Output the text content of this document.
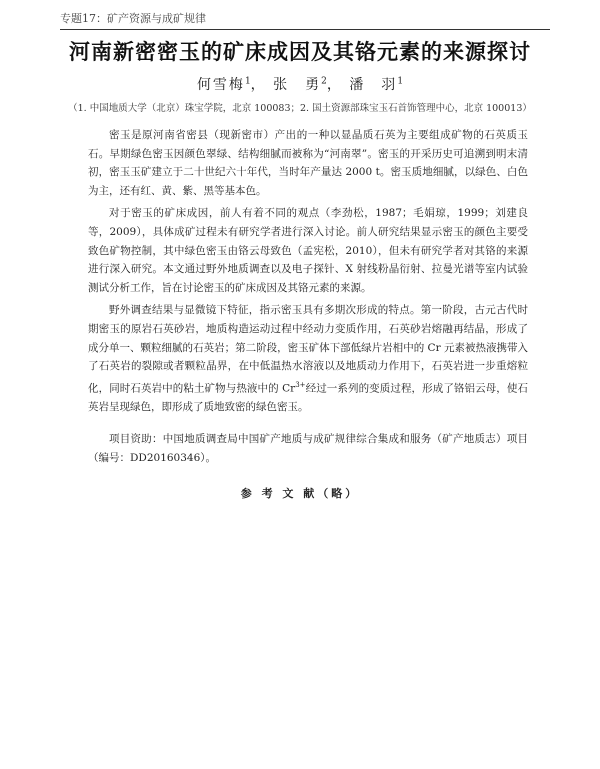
专题17：矿产资源与成矿规律
河南新密密玉的矿床成因及其铬元素的来源探讨
何雪梅$^1$， 张　勇$^2$， 潘　羽$^1$
（1. 中国地质大学（北京）珠宝学院，北京 100083；2. 国土资源部珠宝玉石首饰管理中心，北京 100013）

密玉是原河南省密县（现新密市）产出的一种以显晶质石英为主要组成矿物的石英质玉石。早期绿色密玉因颜色翠绿、结构细腻而被称为“河南翠”。密玉的开采历史可追溯到明末清初，密玉玉矿建立于二十世纪六十年代，当时年产量达 2000 t。密玉质地细腻，以绿色、白色为主，还有红、黄、紫、黑等基本色。

对于密玉的矿床成因，前人有着不同的观点（李劲松，1987；毛娟琼，1999；刘建良等，2009），具体成矿过程未有研究学者进行深入讨论。前人研究结果显示密玉的颜色主要受致色矿物控制，其中绿色密玉由铬云母致色（孟宪松，2010），但未有研究学者对其铬的来源进行深入研究。本文通过野外地质调查以及电子探针、X 射线粉晶衍射、拉曼光谱等室内试验测试分析工作，旨在讨论密玉的矿床成因及其铬元素的来源。

野外调查结果与显微镜下特征，指示密玉具有多期次形成的特点。第一阶段，古元古代时期密玉的原岩石英砂岩，地质构造运动过程中经动力变质作用，石英砂岩熔融再结晶，形成了成分单一、颗粒细腻的石英岩；第二阶段，密玉矿体下部低绿片岩相中的 Cr 元素被热液携带入了石英岩的裂隙或者颗粒晶界，在中低温热水溶液以及地质动力作用下，石英岩进一步重熔粒化，同时石英岩中的粘土矿物与热液中的 $Cr^{3+}$经过一系列的变质过程，形成了铬铝云母，使石英岩呈现绿色，即形成了质地致密的绿色密玉。

项目资助：中国地质调查局中国矿产地质与成矿规律综合集成和服务（矿产地质志）项目（编号：DD20160346）。
参 考 文 献（略）
